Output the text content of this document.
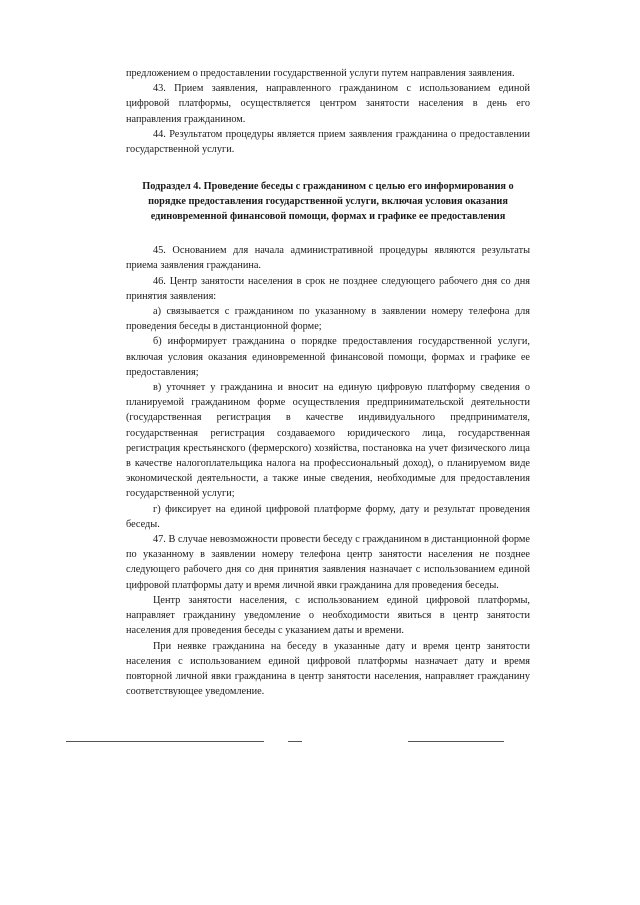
предложением о предоставлении государственной услуги путем направления заявления.

43. Прием заявления, направленного гражданином с использованием единой цифровой платформы, осуществляется центром занятости населения в день его направления гражданином.

44. Результатом процедуры является прием заявления гражданина о предоставлении государственной услуги.

Подраздел 4. Проведение беседы с гражданином с целью его информирования о порядке предоставления государственной услуги, включая условия оказания единовременной финансовой помощи, формах и графике ее предоставления

45. Основанием для начала административной процедуры являются результаты приема заявления гражданина.

46. Центр занятости населения в срок не позднее следующего рабочего дня со дня принятия заявления:

а) связывается с гражданином по указанному в заявлении номеру телефона для проведения беседы в дистанционной форме;

б) информирует гражданина о порядке предоставления государственной услуги, включая условия оказания единовременной финансовой помощи, формах и графике ее предоставления;

в) уточняет у гражданина и вносит на единую цифровую платформу сведения о планируемой гражданином форме осуществления предпринимательской деятельности (государственная регистрация в качестве индивидуального предпринимателя, государственная регистрация создаваемого юридического лица, государственная регистрация крестьянского (фермерского) хозяйства, постановка на учет физического лица в качестве налогоплательщика налога на профессиональный доход), о планируемом виде экономической деятельности, а также иные сведения, необходимые для предоставления государственной услуги;

г) фиксирует на единой цифровой платформе форму, дату и результат проведения беседы.

47. В случае невозможности провести беседу с гражданином в дистанционной форме по указанному в заявлении номеру телефона центр занятости населения не позднее следующего рабочего дня со дня принятия заявления назначает с использованием единой цифровой платформы дату и время личной явки гражданина для проведения беседы.

Центр занятости населения, с использованием единой цифровой платформы, направляет гражданину уведомление о необходимости явиться в центр занятости населения для проведения беседы с указанием даты и времени.

При неявке гражданина на беседу в указанные дату и время центр занятости населения с использованием единой цифровой платформы назначает дату и время повторной личной явки гражданина в центр занятости населения, направляет гражданину соответствующее уведомление.
